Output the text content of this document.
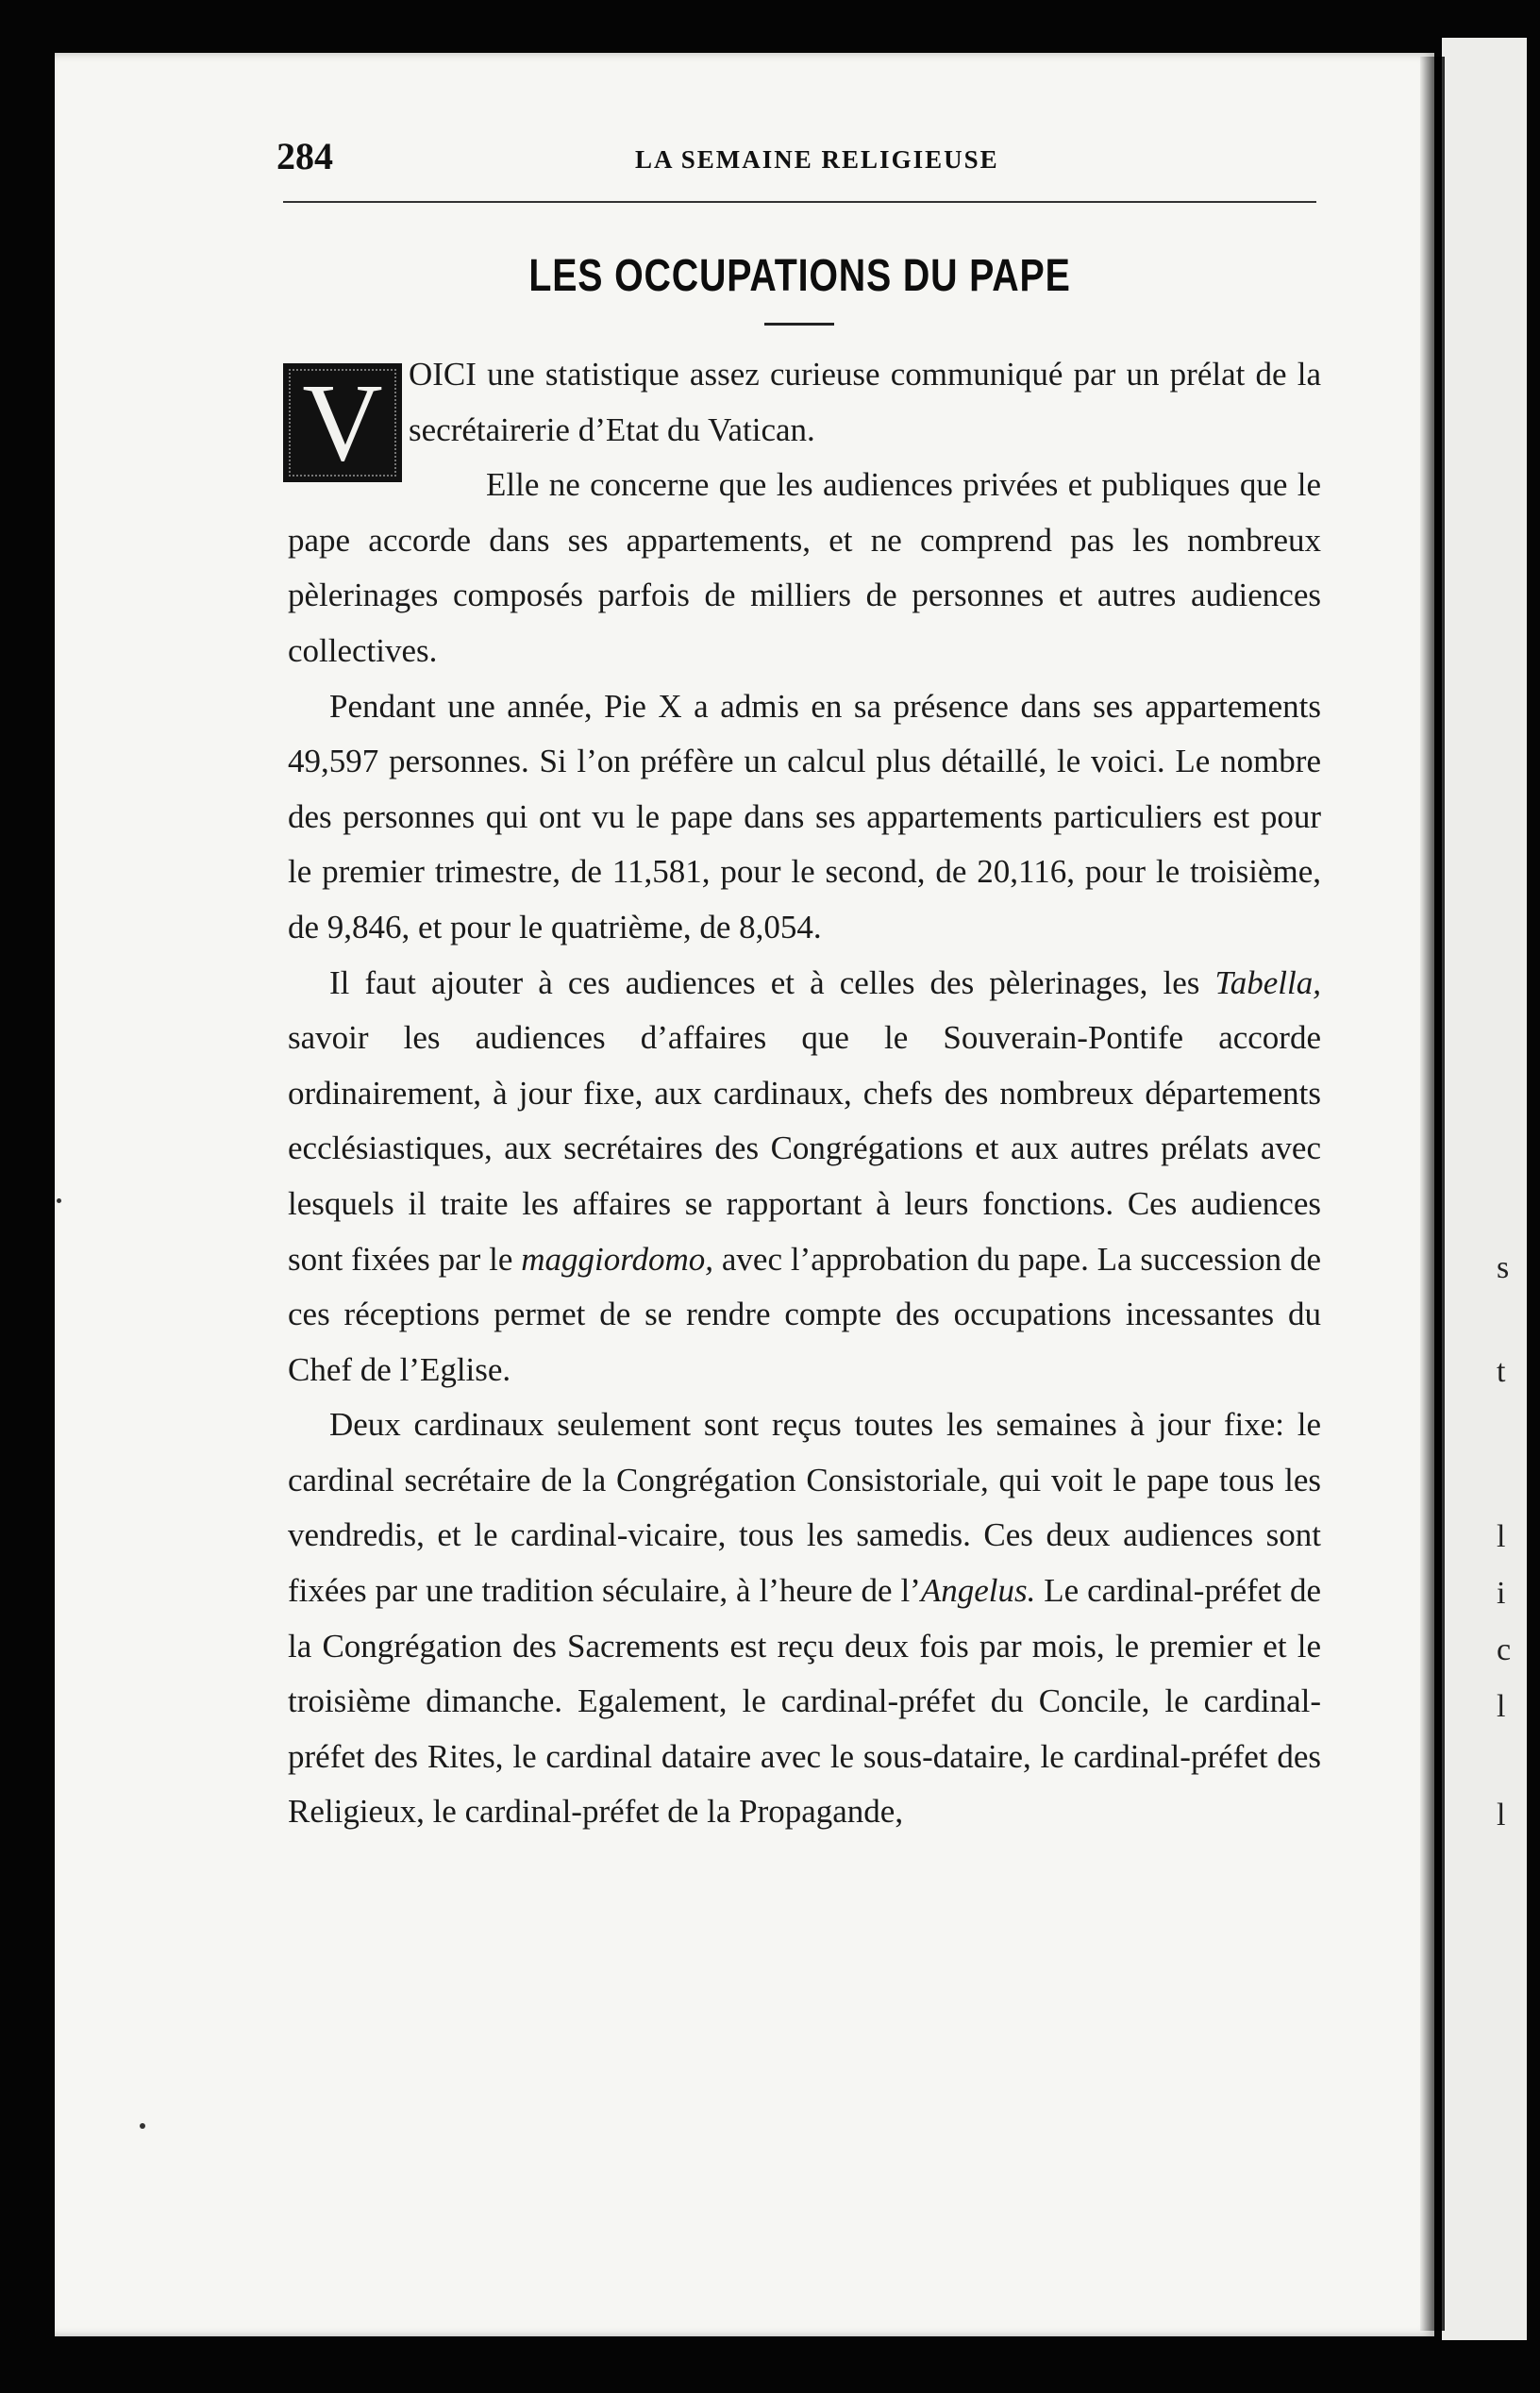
s
t
l
i
c
l
l
284	LA SEMAINE RELIGIEUSE
LES OCCUPATIONS DU PAPE
V OICI une statistique assez curieuse communiqué par un prélat de la secrétairerie d’Etat du Vatican.

Elle ne concerne que les audiences privées et publiques que le pape accorde dans ses appartements, et ne comprend pas les nombreux pèlerinages composés parfois de milliers de personnes et autres audiences collectives.

Pendant une année, Pie X a admis en sa présence dans ses appartements 49,597 personnes. Si l’on préfère un calcul plus détaillé, le voici. Le nombre des personnes qui ont vu le pape dans ses appartements particuliers est pour le premier trimestre, de 11,581, pour le second, de 20,116, pour le troisième, de 9,846, et pour le quatrième, de 8,054.

Il faut ajouter à ces audiences et à celles des pèlerinages, les Tabella, savoir les audiences d’affaires que le Souverain-Pontife accorde ordinairement, à jour fixe, aux cardinaux, chefs des nombreux départements ecclésiastiques, aux secrétaires des Congrégations et aux autres prélats avec lesquels il traite les affaires se rapportant à leurs fonctions. Ces audiences sont fixées par le maggiordomo, avec l’approbation du pape. La succession de ces réceptions permet de se rendre compte des occupations incessantes du Chef de l’Eglise.

Deux cardinaux seulement sont reçus toutes les semaines à jour fixe: le cardinal secrétaire de la Congrégation Consistoriale, qui voit le pape tous les vendredis, et le cardinal-vicaire, tous les samedis. Ces deux audiences sont fixées par une tradition séculaire, à l’heure de l’Angelus. Le cardinal-préfet de la Congrégation des Sacrements est reçu deux fois par mois, le premier et le troisième dimanche. Egalement, le cardinal-préfet du Concile, le cardinal-préfet des Rites, le cardinal dataire avec le sous-dataire, le cardinal-préfet des Religieux, le cardinal-préfet de la Propagande,
